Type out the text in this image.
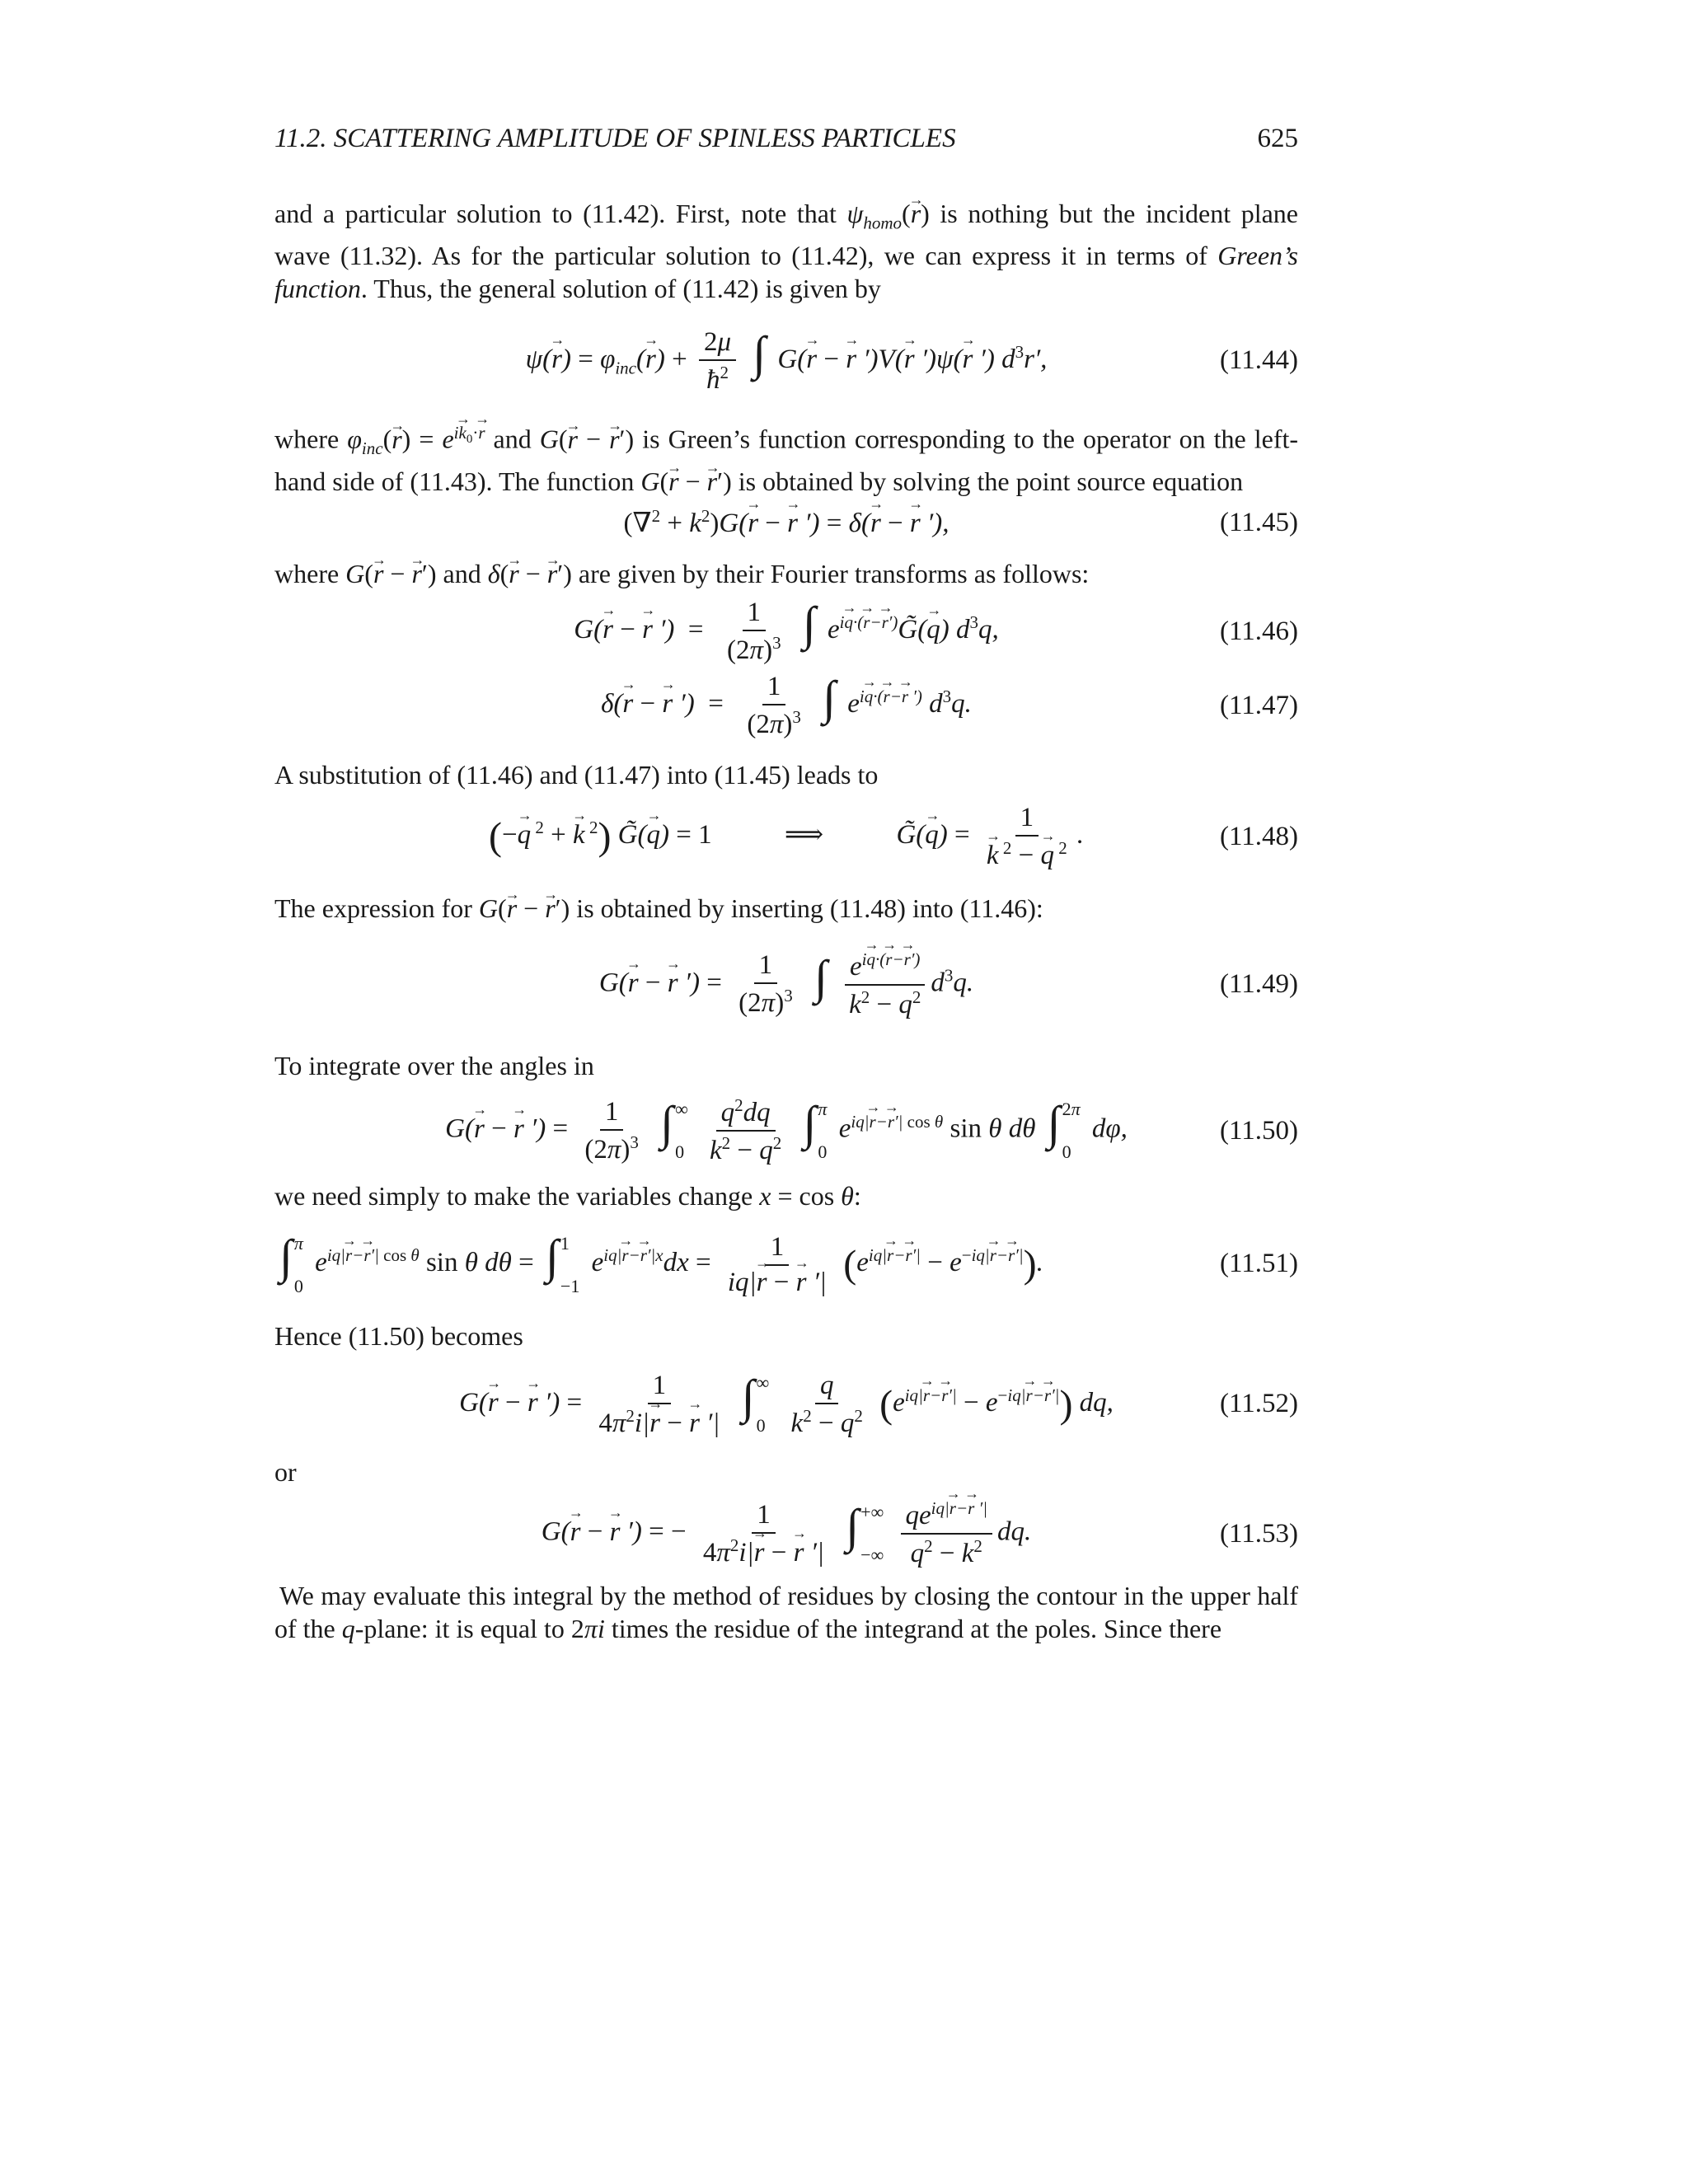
11.2. SCATTERING AMPLITUDE OF SPINLESS PARTICLES	625

and a particular solution to (11.42). First, note that $\psi_{homo}(\to r)$ is nothing but the incident plane wave (11.32). As for the particular solution to (11.42), we can express it in terms of Green’s function. Thus, the general solution of (11.42) is given by

$\psi(\to r) = \varphi_{inc}(\to r) + \frac{2\mu}{ħ^2}$ ∫ G(→ r − → r ′)V(→ r ′)ψ(→ r ′) $d^3r'$,	(11.44)

where $\varphi_{inc}(\to r) = e^{i\to k_0\cdot\to r}$ and G(→ r − → r′) is Green’s function corresponding to the operator on the left-hand side of (11.43). The function G(→ r − → r′) is obtained by solving the point source equation

$(\nabla^2 + k^2)G(\to r$ − → r ′) = δ(→ r − → r ′),	(11.45)

where G(→ r − → r′) and δ(→ r − → r′) are given by their Fourier transforms as follows:

G(→ r − → r ′)  = $\frac{1}{(2\pi)^3}$ ∫ $e^{i\to q\cdot(\to r-\to r')}G̃(\to q)$ $d^3q$,	(11.46)
δ(→ r − → r ′)  = $\frac{1}{(2\pi)^3}$ ∫ $e^{i\to q\cdot(\to r-\to r ')}$ $d^3q$.	(11.47)

A substitution of (11.46) and (11.47) into (11.45) leads to

(−→ q $^2$ + → k $^2$) G̃(→ q) = 1	⟹	G̃(→ q) = 1
→ k $^2$ − → q $^2$ .	(11.48)

The expression for G(→ r − → r′) is obtained by inserting (11.48) into (11.46):

G(→ r − → r ′) = $\frac{1}{(2\pi)^3}$ ∫ $\frac{e^{i\to q\cdot(\to r-\to r')}}{k^2 - q^2} d^3q$.	(11.49)

To integrate over the angles in

G(→ r − → r ′) = $\frac{1}{(2\pi)^3}$ ∫ ∞
0
$\frac{q^2dq}{k^2 - q^2}$ ∫ π
0
$e^{iq|\to r-\to r'| cos \theta}$ sin θ dθ ∫ 2π
0
dφ,	(11.50)

we need simply to make the variables change x = cos θ:

∫ π
0
$e^{iq|\to r-\to r'| cos \theta}$ sin θ dθ = ∫ 1
−1
$e^{iq|\to r-\to r'|x}dx = \frac{1}{iq|\to r - \to r '|} (e^{iq|\to r-\to r'|} - e^{-iq|\to r-\to r'|})$.	(11.51)

Hence (11.50) becomes

G(→ r − → r ′) = $\frac{1}{4\pi^2i|\to r - \to r '|}$ ∫ ∞
0
$\frac{q}{k^2 - q^2} (e^{iq|\to r-\to r'|} - e^{-iq|\to r-\to r'|})$ dq,	(11.52)

or

G(→ r − → r ′) = − $\frac{1}{4\pi^2i|\to r - \to r '|}$ ∫ +∞
−∞
$\frac{qe^{iq|\to r-\to r '|}}{q^2 - k^2}$ dq.	(11.53)

We may evaluate this integral by the method of residues by closing the contour in the upper half of the q-plane: it is equal to 2πi times the residue of the integrand at the poles. Since there
